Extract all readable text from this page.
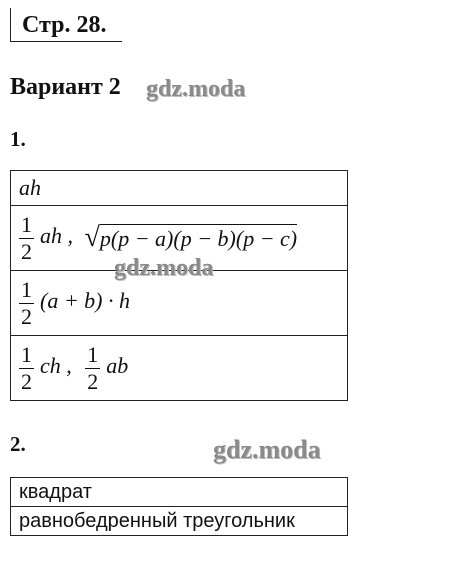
Стр. 28.
Вариант 2 gdz.moda
1.
ah

$\frac{1}{2}$ ah , √p(p − a)(p − b)(p − c)

$\frac{1}{2} (a + b) \cdot h$

$\frac{1}{2}$ ch , $\frac{1}{2}$ ab
gdz.moda
2.	gdz.moda
квадрат
равнобедренный треугольник
